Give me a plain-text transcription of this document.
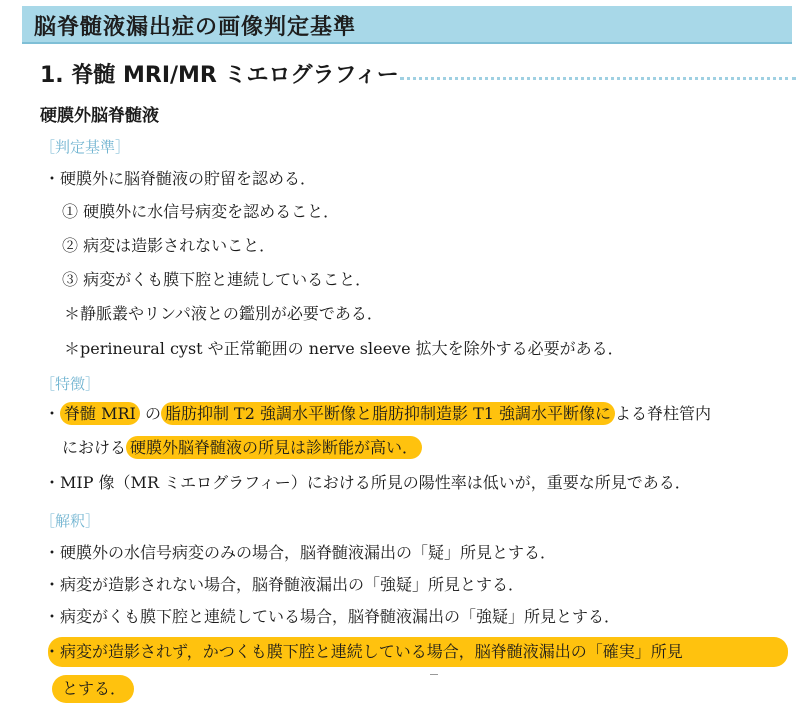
脳脊髄液漏出症の画像判定基準
1. 脊髄 MRI/MR ミエログラフィー
硬膜外脳脊髄液
［判定基準］
・硬膜外に脳脊髄液の貯留を認める．
① 硬膜外に水信号病変を認めること．
② 病変は造影されないこと．
③ 病変がくも膜下腔と連続していること．
＊静脈叢やリンパ液との鑑別が必要である．
＊perineural cyst や正常範囲の nerve sleeve 拡大を除外する必要がある．
［特徴］
・ 脊髄 MRI の 脂肪抑制 T2 強調水平断像と脂肪抑制造影 T1 強調水平断像に よる脊柱管内
における 硬膜外脳脊髄液の所見は診断能が高い．
・MIP 像（MR ミエログラフィー）における所見の陽性率は低いが，重要な所見である．
［解釈］
・硬膜外の水信号病変のみの場合，脳脊髄液漏出の「疑」所見とする．
・病変が造影されない場合，脳脊髄液漏出の「強疑」所見とする．
・病変がくも膜下腔と連続している場合，脳脊髄液漏出の「強疑」所見とする．
・病変が造影されず，かつくも膜下腔と連続している場合，脳脊髄液漏出の「確実」所見
とする．
